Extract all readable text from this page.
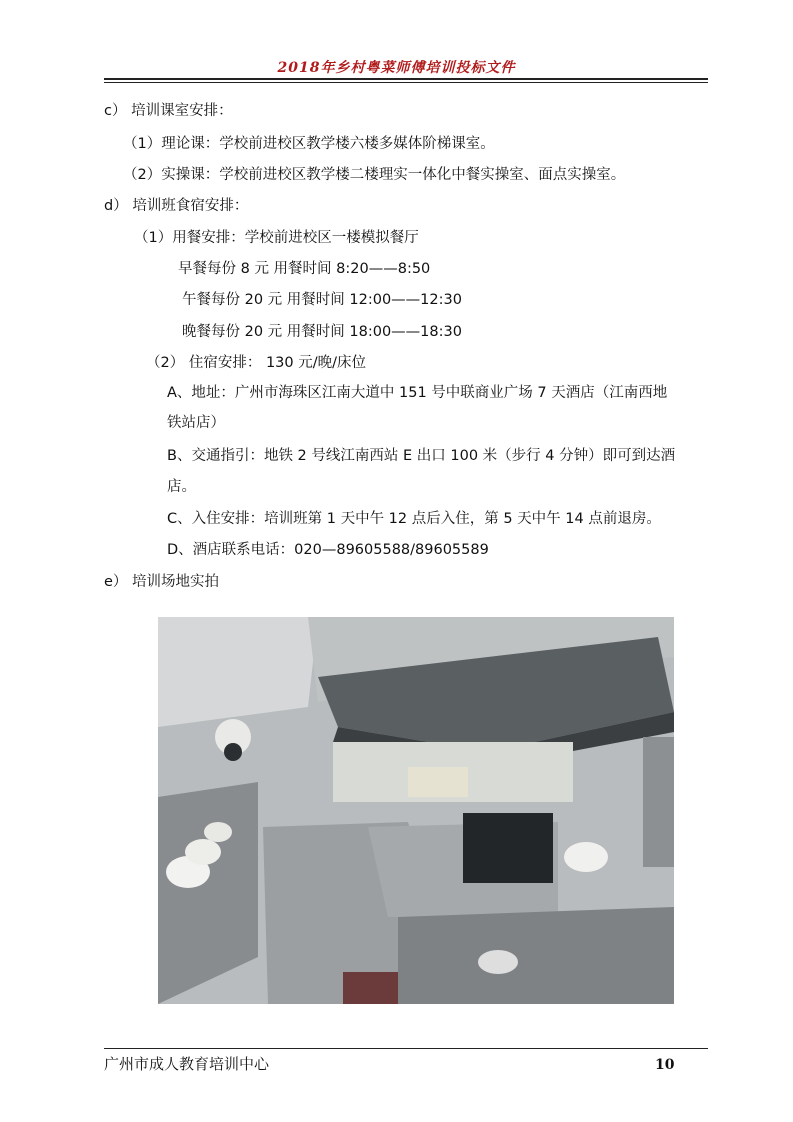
2018年乡村粤菜师傅培训投标文件
c） 培训课室安排：
（1）理论课：学校前进校区教学楼六楼多媒体阶梯课室。
（2）实操课：学校前进校区教学楼二楼理实一体化中餐实操室、面点实操室。
d） 培训班食宿安排：
（1）用餐安排：学校前进校区一楼模拟餐厅
早餐每份 8 元 用餐时间 8:20——8:50
午餐每份 20 元 用餐时间 12:00——12:30
晚餐每份 20 元 用餐时间 18:00——18:30
（2） 住宿安排： 130 元/晚/床位
A、地址：广州市海珠区江南大道中 151 号中联商业广场 7 天酒店（江南西地
铁站店）
B、交通指引：地铁 2 号线江南西站 E 出口 100 米（步行 4 分钟）即可到达酒
店。
C、入住安排：培训班第 1 天中午 12 点后入住，第 5 天中午 14 点前退房。
D、酒店联系电话：020—89605588/89605589
e） 培训场地实拍
广州市成人教育培训中心	10
